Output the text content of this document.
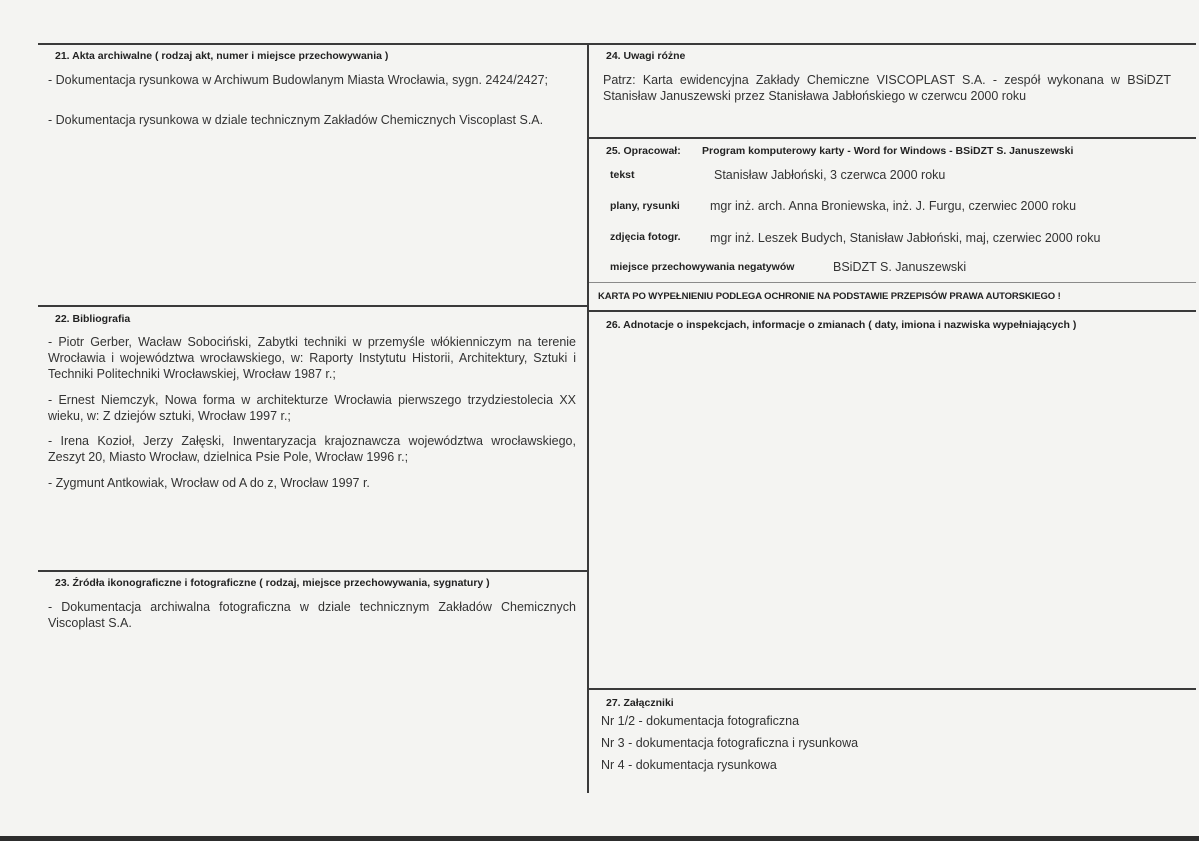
21. Akta archiwalne ( rodzaj akt, numer i miejsce przechowywania )
- Dokumentacja rysunkowa w Archiwum Budowlanym Miasta Wrocławia, sygn. 2424/2427;
- Dokumentacja rysunkowa w dziale technicznym Zakładów Chemicznych Viscoplast S.A.
22. Bibliografia
- Piotr Gerber, Wacław Sobociński, Zabytki techniki w przemyśle włókienniczym na terenie Wrocławia i województwa wrocławskiego, w: Raporty Instytutu Historii, Architektury, Sztuki i Techniki Politechniki Wrocławskiej, Wrocław 1987 r.;
- Ernest Niemczyk, Nowa forma w architekturze Wrocławia pierwszego trzydziestolecia XX wieku, w: Z dziejów sztuki, Wrocław 1997 r.;
- Irena Kozioł, Jerzy Załęski, Inwentaryzacja krajoznawcza województwa wrocławskiego, Zeszyt 20, Miasto Wrocław, dzielnica Psie Pole, Wrocław 1996 r.;
- Zygmunt Antkowiak, Wrocław od A do z, Wrocław 1997 r.
23. Źródła ikonograficzne i fotograficzne ( rodzaj, miejsce przechowywania, sygnatury )
- Dokumentacja archiwalna fotograficzna w dziale technicznym Zakładów Chemicznych Viscoplast S.A.
24. Uwagi różne
Patrz: Karta ewidencyjna Zakłady Chemiczne VISCOPLAST S.A. - zespół wykonana w BSiDZT Stanisław Januszewski przez Stanisława Jabłońskiego w czerwcu 2000 roku
25. Opracował: Program komputerowy karty - Word for Windows - BSiDZT S. Januszewski
tekst	Stanisław Jabłoński, 3 czerwca 2000 roku
plany, rysunki mgr inż. arch. Anna Broniewska, inż. J. Furgu, czerwiec 2000 roku
zdjęcia fotogr. mgr inż. Leszek Budych, Stanisław Jabłoński, maj, czerwiec 2000 roku
miejsce przechowywania negatywów	BSiDZT S. Januszewski
KARTA PO WYPEŁNIENIU PODLEGA OCHRONIE NA PODSTAWIE PRZEPISÓW PRAWA AUTORSKIEGO !
26. Adnotacje o inspekcjach, informacje o zmianach ( daty, imiona i nazwiska wypełniających )
27. Załączniki
Nr 1/2 - dokumentacja fotograficzna
Nr 3 - dokumentacja fotograficzna i rysunkowa
Nr 4 - dokumentacja rysunkowa
